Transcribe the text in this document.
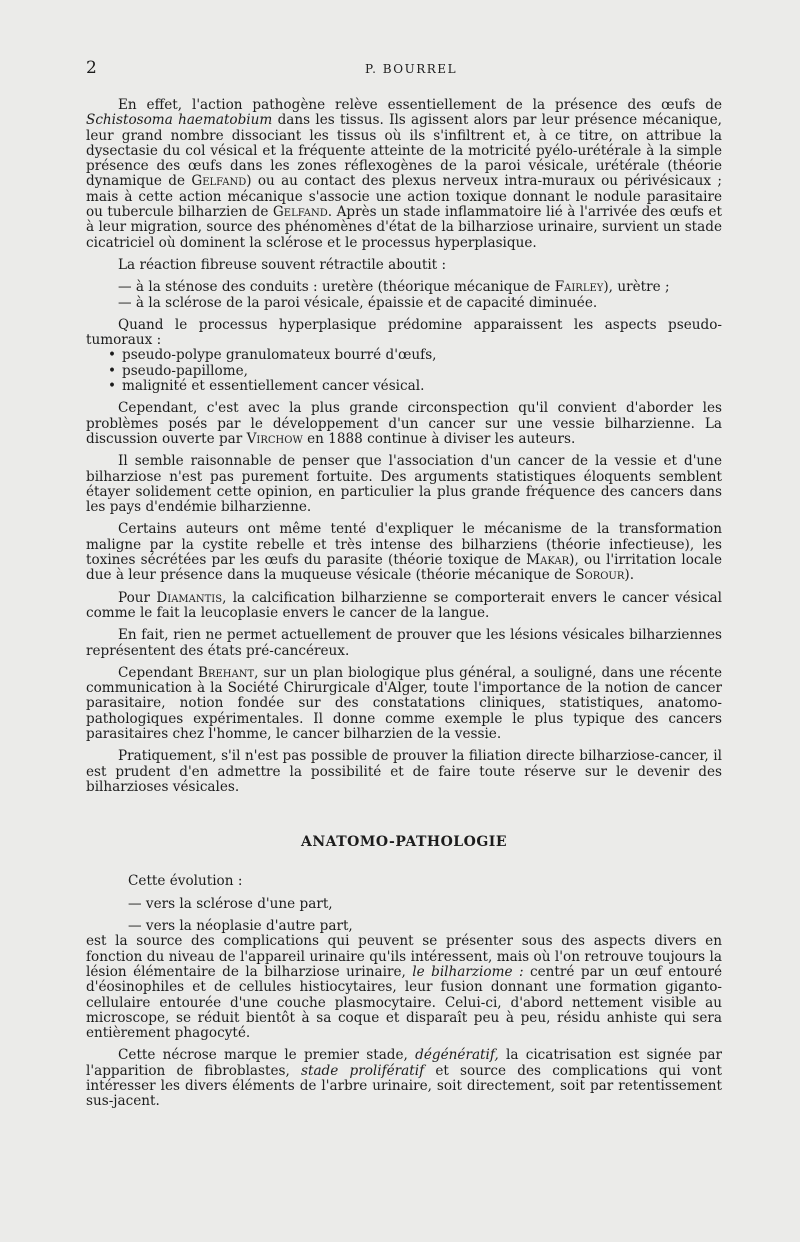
2	P. BOURREL

En effet, l'action pathogène relève essentiellement de la présence des œufs de Schistosoma haematobium dans les tissus. Ils agissent alors par leur présence mécanique, leur grand nombre dissociant les tissus où ils s'infiltrent et, à ce titre, on attribue la dysectasie du col vésical et la fréquente atteinte de la motricité pyélo-urétérale à la simple présence des œufs dans les zones réflexogènes de la paroi vésicale, urétérale (théorie dynamique de Gelfand) ou au contact des plexus nerveux intra-muraux ou périvésicaux ; mais à cette action mécanique s'associe une action toxique donnant le nodule parasitaire ou tubercule bilharzien de Gelfand. Après un stade inflammatoire lié à l'arrivée des œufs et à leur migration, source des phénomènes d'état de la bilharziose urinaire, survient un stade cicatriciel où dominent la sclérose et le processus hyperplasique.

La réaction fibreuse souvent rétractile aboutit :

— à la sténose des conduits : uretère (théorique mécanique de Fairley), urètre ;

— à la sclérose de la paroi vésicale, épaissie et de capacité diminuée.

Quand le processus hyperplasique prédomine apparaissent les aspects pseudo-tumoraux :

• pseudo-polype granulomateux bourré d'œufs,

• pseudo-papillome,

• malignité et essentiellement cancer vésical.

Cependant, c'est avec la plus grande circonspection qu'il convient d'aborder les problèmes posés par le développement d'un cancer sur une vessie bilharzienne. La discussion ouverte par Virchow en 1888 continue à diviser les auteurs.

Il semble raisonnable de penser que l'association d'un cancer de la vessie et d'une bilharziose n'est pas purement fortuite. Des arguments statistiques éloquents semblent étayer solidement cette opinion, en particulier la plus grande fréquence des cancers dans les pays d'endémie bilharzienne.

Certains auteurs ont même tenté d'expliquer le mécanisme de la transformation maligne par la cystite rebelle et très intense des bilharziens (théorie infectieuse), les toxines sécrétées par les œufs du parasite (théorie toxique de Makar), ou l'irritation locale due à leur présence dans la muqueuse vésicale (théorie mécanique de Sorour).

Pour Diamantis, la calcification bilharzienne se comporterait envers le cancer vésical comme le fait la leucoplasie envers le cancer de la langue.

En fait, rien ne permet actuellement de prouver que les lésions vésicales bilharziennes représentent des états pré-cancéreux.

Cependant Brehant, sur un plan biologique plus général, a souligné, dans une récente communication à la Société Chirurgicale d'Alger, toute l'importance de la notion de cancer parasitaire, notion fondée sur des constatations cliniques, statistiques, anatomo-pathologiques expérimentales. Il donne comme exemple le plus typique des cancers parasitaires chez l'homme, le cancer bilharzien de la vessie.

Pratiquement, s'il n'est pas possible de prouver la filiation directe bilharziose-cancer, il est prudent d'en admettre la possibilité et de faire toute réserve sur le devenir des bilharzioses vésicales.

ANATOMO-PATHOLOGIE

Cette évolution :

— vers la sclérose d'une part,

— vers la néoplasie d'autre part,

est la source des complications qui peuvent se présenter sous des aspects divers en fonction du niveau de l'appareil urinaire qu'ils intéressent, mais où l'on retrouve toujours la lésion élémentaire de la bilharziose urinaire, le bilharziome : centré par un œuf entouré d'éosinophiles et de cellules histiocytaires, leur fusion donnant une formation giganto-cellulaire entourée d'une couche plasmocytaire. Celui-ci, d'abord nettement visible au microscope, se réduit bientôt à sa coque et disparaît peu à peu, résidu anhiste qui sera entièrement phagocyté.

Cette nécrose marque le premier stade, dégénératif, la cicatrisation est signée par l'apparition de fibroblastes, stade prolifératif et source des complications qui vont intéresser les divers éléments de l'arbre urinaire, soit directement, soit par retentissement sus-jacent.
